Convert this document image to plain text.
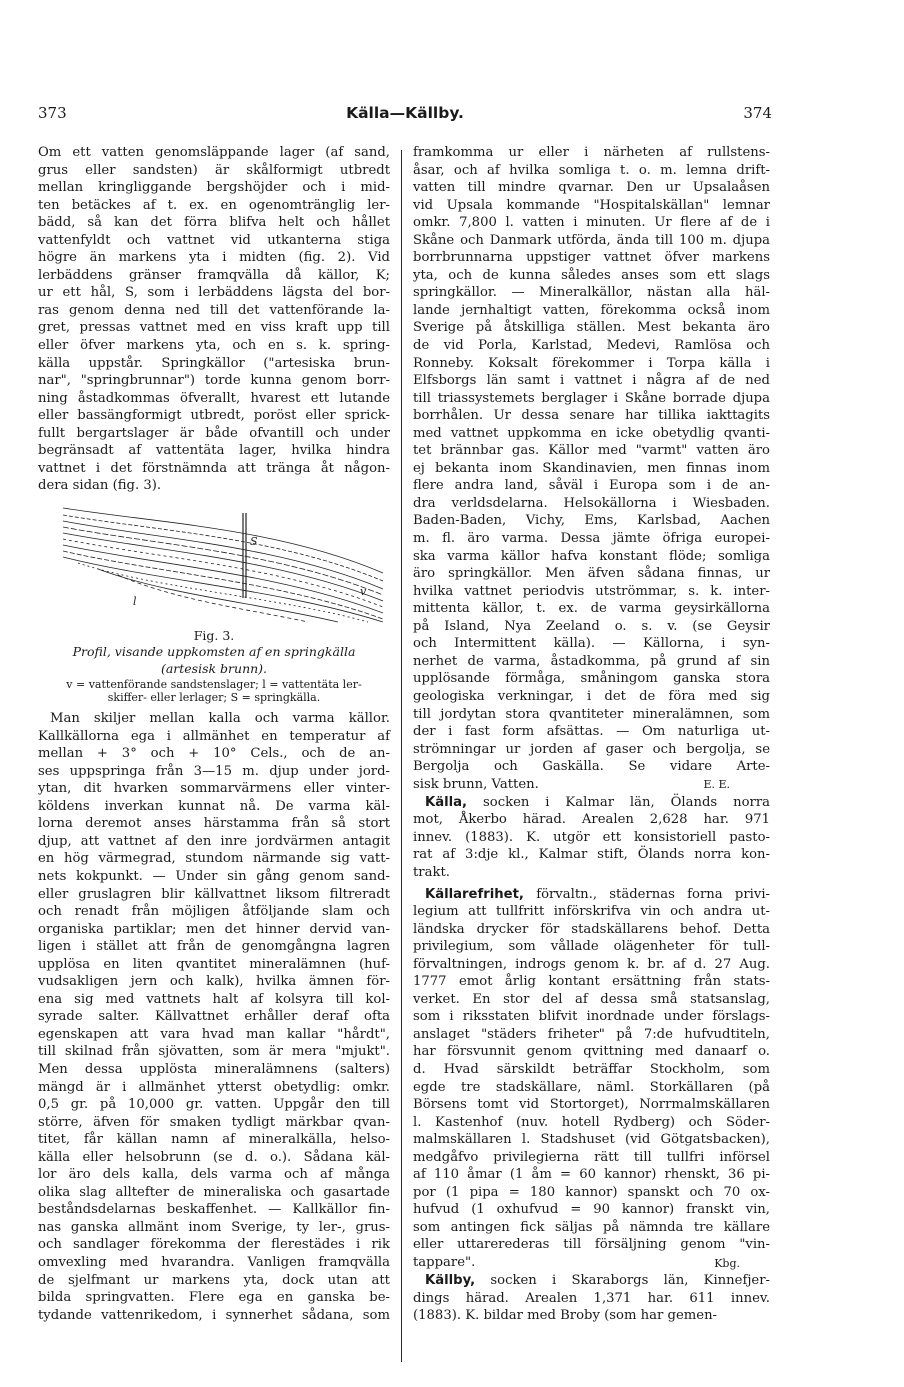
373	Källa—Källby.	374
Om ett vatten genomsläppande lager (af sand,
grus eller sandsten) är skålformigt utbredt
mellan kringliggande bergshöjder och i mid-
ten betäckes af t. ex. en ogenomtränglig ler-
bädd, så kan det förra blifva helt och hållet
vattenfyldt och vattnet vid utkanterna stiga
högre än markens yta i midten (fig. 2). Vid
lerbäddens gränser framqvälla då källor, K;
ur ett hål, S, som i lerbäddens lägsta del bor-
ras genom denna ned till det vattenförande la-
gret, pressas vattnet med en viss kraft upp till
eller öfver markens yta, och en s. k. spring-
källa uppstår. Springkällor ("artesiska brun-
nar", "springbrunnar") torde kunna genom borr-
ning åstadkommas öfverallt, hvarest ett lutande
eller bassängformigt utbredt, poröst eller sprick-
fullt bergartslager är både ofvantill och under
begränsadt af vattentäta lager, hvilka hindra
vattnet i det förstnämnda att tränga åt någon-
dera sidan (fig. 3).
S
v
l
Fig. 3.
Profil, visande uppkomsten af en springkälla
(artesisk brunn).
v = vattenförande sandstenslager; l = vattentäta ler-
skiffer- eller lerlager; S = springkälla.
Man skiljer mellan kalla och varma källor.
Kallkällorna ega i allmänhet en temperatur af
mellan + 3° och + 10° Cels., och de an-
ses uppspringa från 3—15 m. djup under jord-
ytan, dit hvarken sommarvärmens eller vinter-
köldens inverkan kunnat nå. De varma käl-
lorna deremot anses härstamma från så stort
djup, att vattnet af den inre jordvärmen antagit
en hög värmegrad, stundom närmande sig vatt-
nets kokpunkt. — Under sin gång genom sand-
eller gruslagren blir källvattnet liksom filtreradt
och renadt från möjligen åtföljande slam och
organiska partiklar; men det hinner dervid van-
ligen i stället att från de genomgångna lagren
upplösa en liten qvantitet mineralämnen (huf-
vudsakligen jern och kalk), hvilka ämnen för-
ena sig med vattnets halt af kolsyra till kol-
syrade salter. Källvattnet erhåller deraf ofta
egenskapen att vara hvad man kallar "hårdt",
till skilnad från sjövatten, som är mera "mjukt".
Men dessa upplösta mineralämnens (salters)
mängd är i allmänhet ytterst obetydlig: omkr.
0,5 gr. på 10,000 gr. vatten. Uppgår den till
större, äfven för smaken tydligt märkbar qvan-
titet, får källan namn af mineralkälla, helso-
källa eller helsobrunn (se d. o.). Sådana käl-
lor äro dels kalla, dels varma och af många
olika slag alltefter de mineraliska och gasartade
beståndsdelarnas beskaffenhet. — Kallkällor fin-
nas ganska allmänt inom Sverige, ty ler-, grus-
och sandlager förekomma der flerestädes i rik
omvexling med hvarandra. Vanligen framqvälla
de sjelfmant ur markens yta, dock utan att
bilda springvatten. Flere ega en ganska be-
tydande vattenrikedom, i synnerhet sådana, som
framkomma ur eller i närheten af rullstens-
åsar, och af hvilka somliga t. o. m. lemna drift-
vatten till mindre qvarnar. Den ur Upsalaåsen
vid Upsala kommande "Hospitalskällan" lemnar
omkr. 7,800 l. vatten i minuten. Ur flere af de i
Skåne och Danmark utförda, ända till 100 m. djupa
borrbrunnarna uppstiger vattnet öfver markens
yta, och de kunna således anses som ett slags
springkällor. — Mineralkällor, nästan alla häl-
lande jernhaltigt vatten, förekomma också inom
Sverige på åtskilliga ställen. Mest bekanta äro
de vid Porla, Karlstad, Medevi, Ramlösa och
Ronneby. Koksalt förekommer i Torpa källa i
Elfsborgs län samt i vattnet i några af de ned
till triassystemets berglager i Skåne borrade djupa
borrhålen. Ur dessa senare har tillika iakttagits
med vattnet uppkomma en icke obetydlig qvanti-
tet brännbar gas. Källor med "varmt" vatten äro
ej bekanta inom Skandinavien, men finnas inom
flere andra land, såväl i Europa som i de an-
dra verldsdelarna. Helsokällorna i Wiesbaden.
Baden-Baden, Vichy, Ems, Karlsbad, Aachen
m. fl. äro varma. Dessa jämte öfriga europei-
ska varma källor hafva konstant flöde; somliga
äro springkällor. Men äfven sådana finnas, ur
hvilka vattnet periodvis utströmmar, s. k. inter-
mittenta källor, t. ex. de varma geysirkällorna
på Island, Nya Zeeland o. s. v. (se Geysir
och Intermittent källa). — Källorna, i syn-
nerhet de varma, åstadkomma, på grund af sin
upplösande förmåga, småningom ganska stora
geologiska verkningar, i det de föra med sig
till jordytan stora qvantiteter mineralämnen, som
der i fast form afsättas. — Om naturliga ut-
strömningar ur jorden af gaser och bergolja, se
Bergolja och Gaskälla. Se vidare Arte-
sisk brunn, Vatten.	E. E.
Källa, socken i Kalmar län, Ölands norra
mot, Åkerbo härad. Arealen 2,628 har. 971
innev. (1883). K. utgör ett konsistoriell pasto-
rat af 3:dje kl., Kalmar stift, Ölands norra kon-
trakt.
Källarefrihet, förvaltn., städernas forna privi-
legium att tullfritt införskrifva vin och andra ut-
ländska drycker för stadskällarens behof. Detta
privilegium, som vållade olägenheter för tull-
förvaltningen, indrogs genom k. br. af d. 27 Aug.
1777 emot årlig kontant ersättning från stats-
verket. En stor del af dessa små statsanslag,
som i riksstaten blifvit inordnade under förslags-
anslaget "städers friheter" på 7:de hufvudtiteln,
har försvunnit genom qvittning med danaarf o.
d. Hvad särskildt beträffar Stockholm, som
egde tre stadskällare, näml. Storkällaren (på
Börsens tomt vid Stortorget), Norrmalmskällaren
l. Kastenhof (nuv. hotell Rydberg) och Söder-
malmskällaren l. Stadshuset (vid Götgatsbacken),
medgåfvo privilegierna rätt till tullfri införsel
af 110 åmar (1 åm = 60 kannor) rhenskt, 36 pi-
por (1 pipa = 180 kannor) spanskt och 70 ox-
hufvud (1 oxhufvud = 90 kannor) franskt vin,
som antingen fick säljas på nämnda tre källare
eller uttarerederas till försäljning genom "vin-
tappare".	Kbg.
Källby, socken i Skaraborgs län, Kinnefjer-
dings härad. Arealen 1,371 har. 611 innev.
(1883). K. bildar med Broby (som har gemen-
